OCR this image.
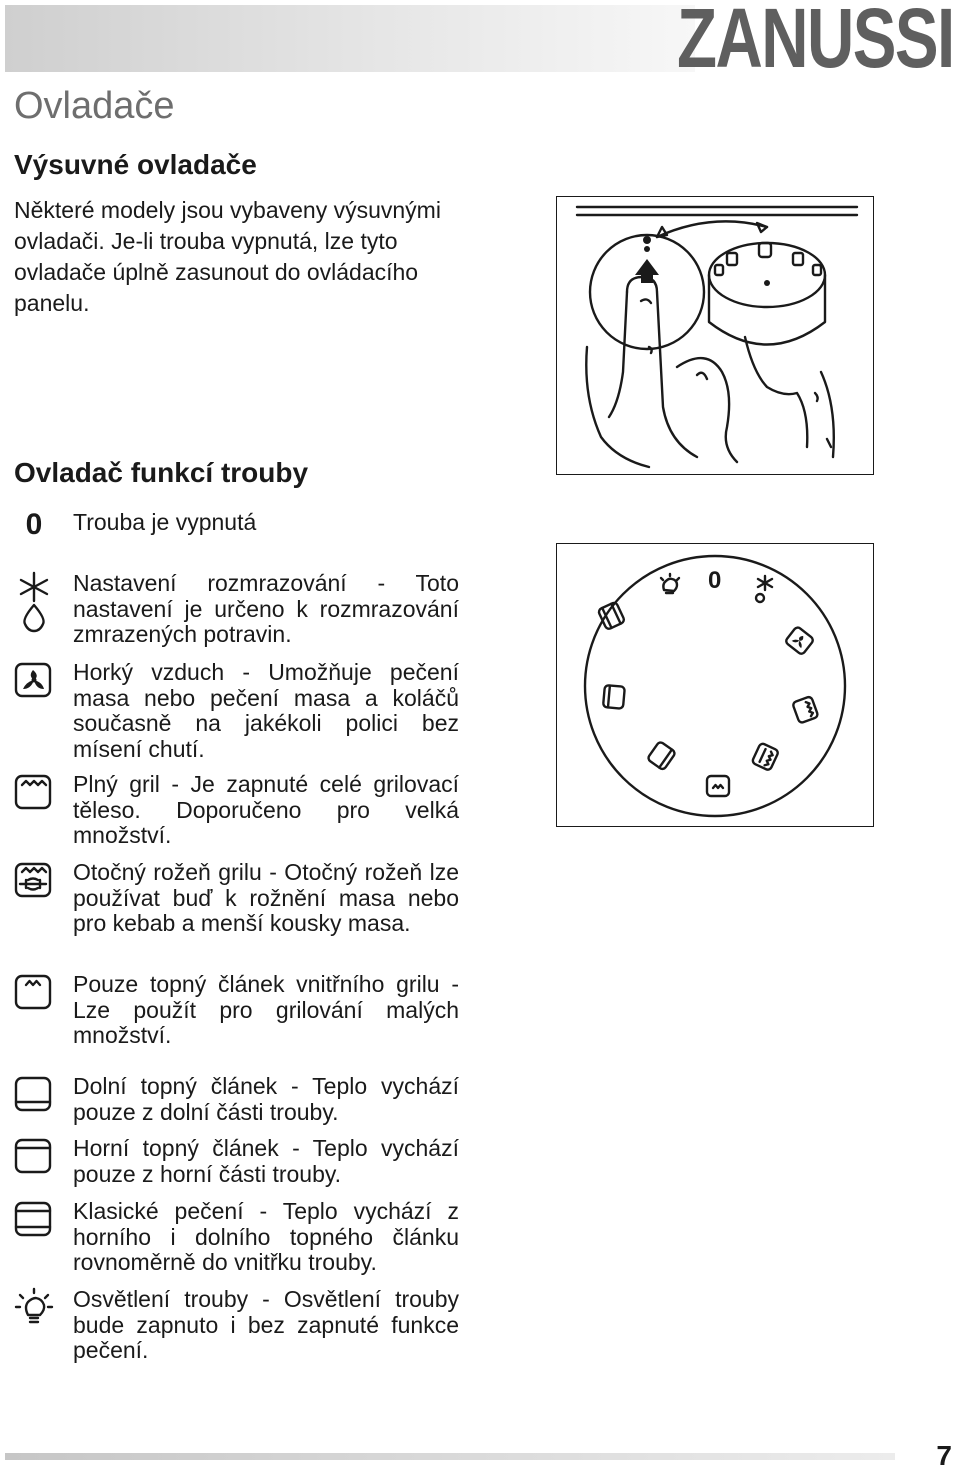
ZANUSSI
Ovladače
Výsuvné ovladače

Některé modely jsou vybaveny výsuvnými ovladači. Je-li trouba vypnutá, lze tyto ovladače úplně zasunout do ovládacího panelu.

Ovladač funkcí trouby
0	Trouba je vypnutá

Nastavení rozmrazování - Toto nastavení je určeno k rozmrazování zmrazených potravin.

Horký vzduch - Umožňuje pečení masa nebo pečení masa a koláčů současně na jakékoli polici bez mísení chutí.

Plný gril - Je zapnuté celé grilovací těleso. Doporučeno pro velká množství.

Otočný rožeň grilu - Otočný rožeň lze používat buď k rožnění masa nebo pro kebab a menší kousky masa.

Pouze topný článek vnitřního grilu - Lze použít pro grilování malých množství.

Dolní topný článek - Teplo vychází pouze z dolní části trouby.

Horní topný článek - Teplo vychází pouze z horní části trouby.

Klasické pečení - Teplo vychází z horního i dolního topného článku rovnoměrně do vnitřku trouby.

Osvětlení trouby - Osvětlení trouby bude zapnuto i bez zapnuté funkce pečení.

0
7
